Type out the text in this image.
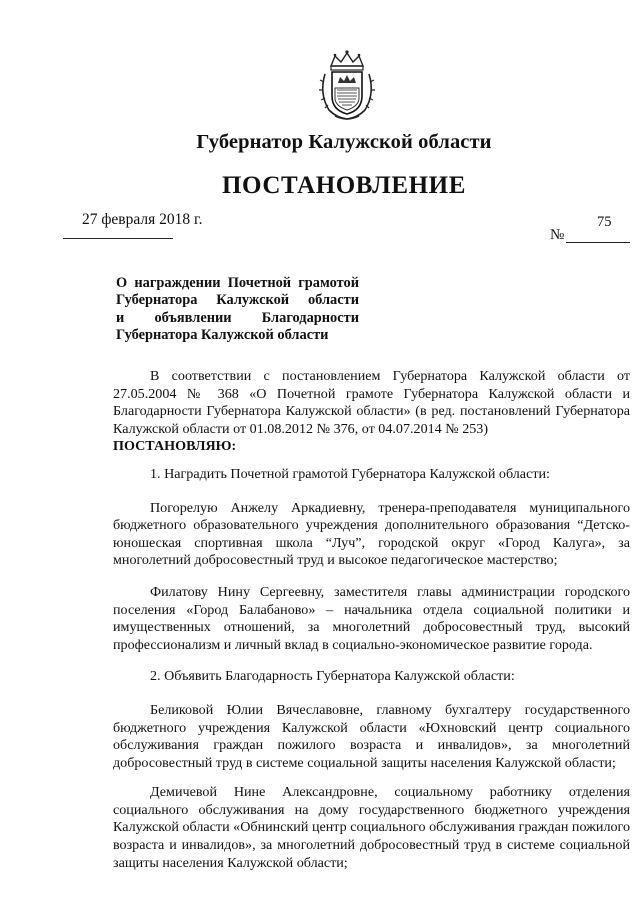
Губернатор Калужской области
ПОСТАНОВЛЕНИЕ
27 февраля 2018 г.	75
№
О награждении Почетной грамотой
Губернатора Калужской области
и объявлении Благодарности
Губернатора Калужской области

В соответствии с постановлением Губернатора Калужской области от 27.05.2004 № 368 «О Почетной грамоте Губернатора Калужской области и Благодарности Губернатора Калужской области» (в ред. постановлений Губернатора Калужской области от 01.08.2012 № 376, от 04.07.2014 № 253)
ПОСТАНОВЛЯЮ:

1. Наградить Почетной грамотой Губернатора Калужской области:

Погорелую Анжелу Аркадиевну, тренера-преподавателя муниципального бюджетного образовательного учреждения дополнительного образования “Детско-юношеская спортивная школа “Луч”, городской округ «Город Калуга», за многолетний добросовестный труд и высокое педагогическое мастерство;

Филатову Нину Сергеевну, заместителя главы администрации городского поселения «Город Балабаново» – начальника отдела социальной политики и имущественных отношений, за многолетний добросовестный труд, высокий профессионализм и личный вклад в социально-экономическое развитие города.

2. Объявить Благодарность Губернатора Калужской области:

Беликовой Юлии Вячеславовне, главному бухгалтеру государственного бюджетного учреждения Калужской области «Юхновский центр социального обслуживания граждан пожилого возраста и инвалидов», за многолетний добросовестный труд в системе социальной защиты населения Калужской области;

Демичевой Нине Александровне, социальному работнику отделения социального обслуживания на дому государственного бюджетного учреждения Калужской области «Обнинский центр социального обслуживания граждан пожилого возраста и инвалидов», за многолетний добросовестный труд в системе социальной защиты населения Калужской области;
